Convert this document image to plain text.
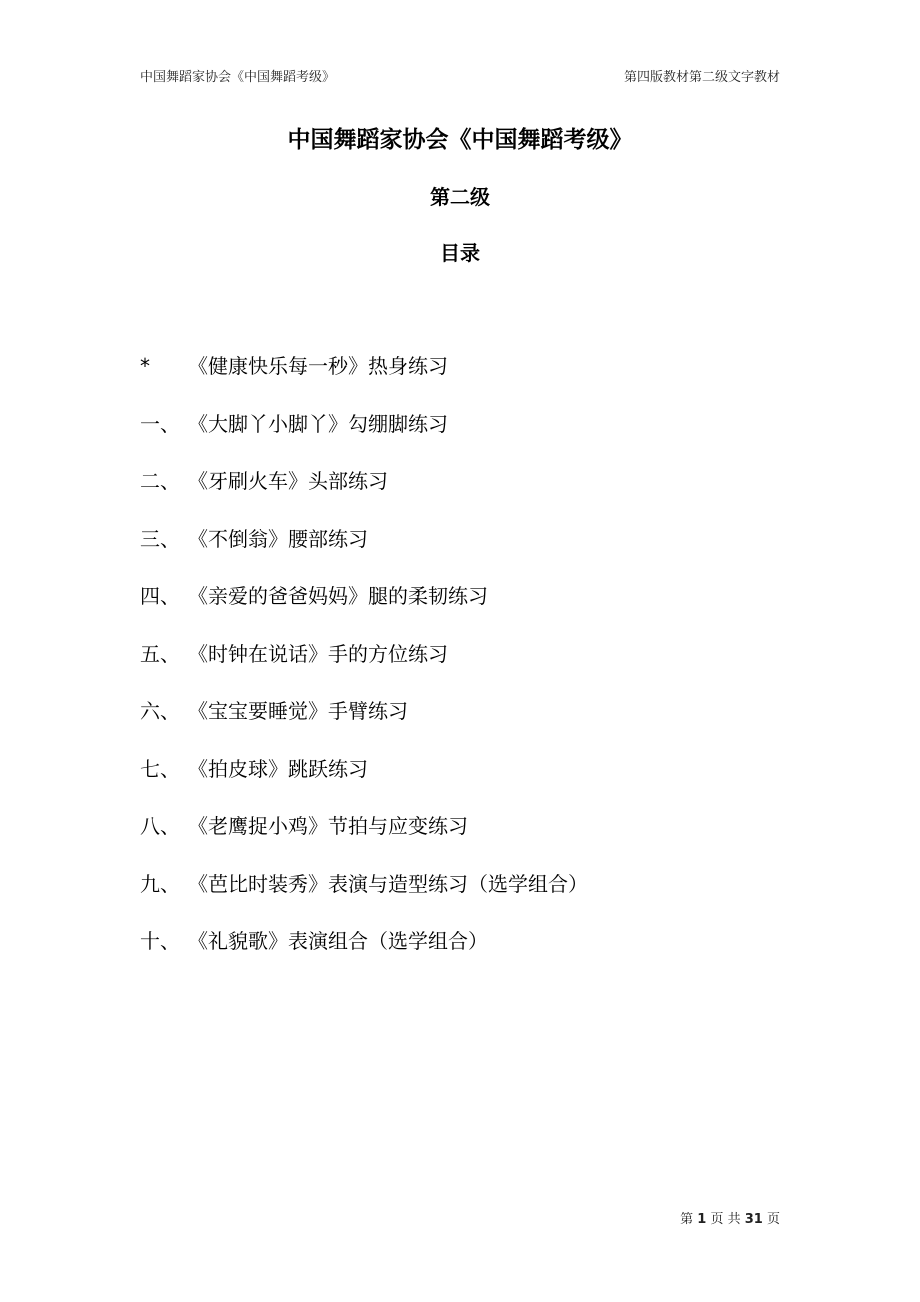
中国舞蹈家协会《中国舞蹈考级》	第四版教材第二级文字教材
中国舞蹈家协会《中国舞蹈考级》
第二级
目录
* 《健康快乐每一秒》热身练习
一、 《大脚丫小脚丫》勾绷脚练习
二、 《牙刷火车》头部练习
三、 《不倒翁》腰部练习
四、 《亲爱的爸爸妈妈》腿的柔韧练习
五、 《时钟在说话》手的方位练习
六、 《宝宝要睡觉》手臂练习
七、 《拍皮球》跳跃练习
八、 《老鹰捉小鸡》节拍与应变练习
九、 《芭比时装秀》表演与造型练习（选学组合）
十、 《礼貌歌》表演组合（选学组合）
第 1 页 共 31 页
